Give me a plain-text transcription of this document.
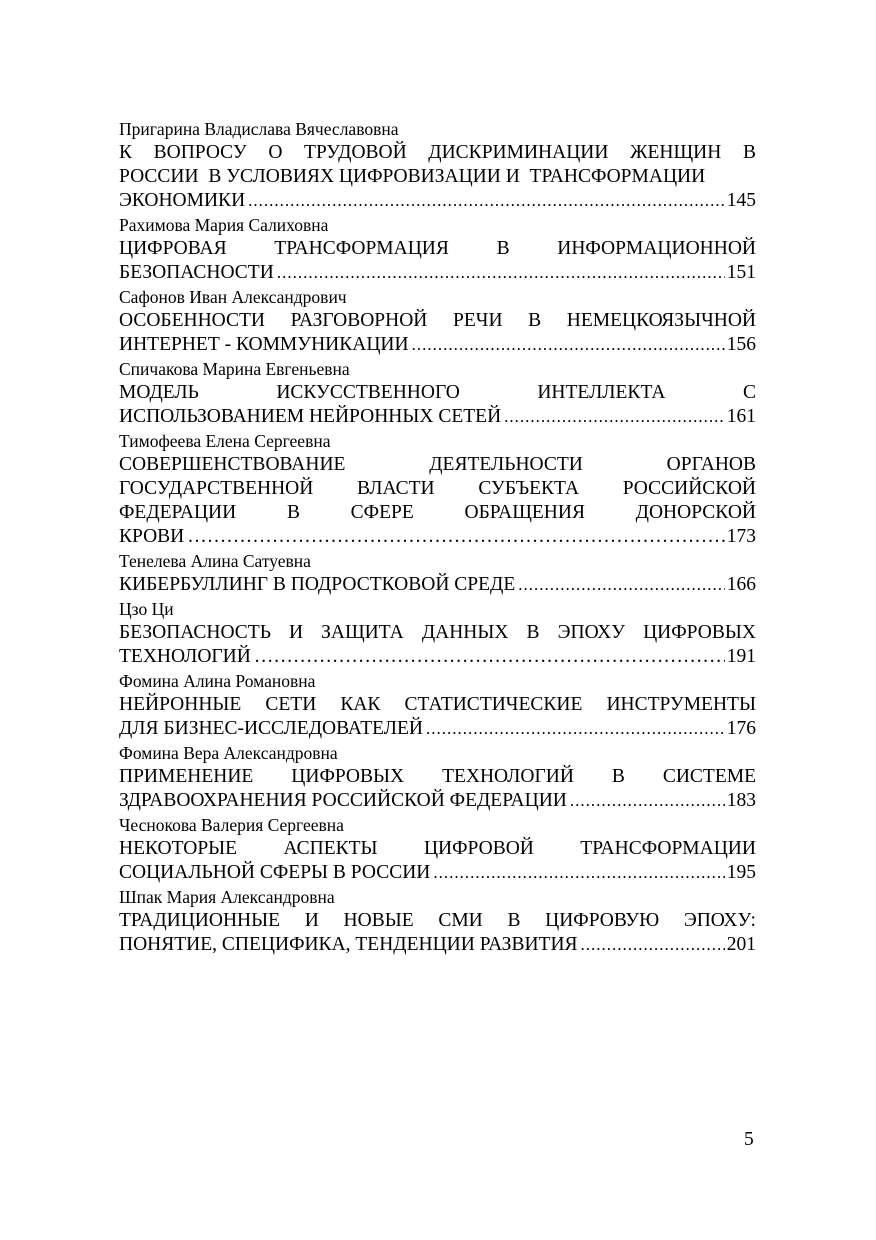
Пригарина Владислава Вячеславовна
К ВОПРОСУ О ТРУДОВОЙ ДИСКРИМИНАЦИИ ЖЕНЩИН В
РОССИИ  В УСЛОВИЯХ ЦИФРОВИЗАЦИИ И  ТРАНСФОРМАЦИИ
ЭКОНОМИКИ .....	145
Рахимова Мария Салиховна
ЦИФРОВАЯ ТРАНСФОРМАЦИЯ В ИНФОРМАЦИОННОЙ
БЕЗОПАСНОСТИ .....	151
Сафонов Иван Александрович
ОСОБЕННОСТИ РАЗГОВОРНОЙ РЕЧИ В НЕМЕЦКОЯЗЫЧНОЙ
ИНТЕРНЕТ - КОММУНИКАЦИИ .....	156
Спичакова Марина Евгеньевна
МОДЕЛЬ	ИСКУССТВЕННОГО	ИНТЕЛЛЕКТА	С
ИСПОЛЬЗОВАНИЕМ НЕЙРОННЫХ СЕТЕЙ .....	161
Тимофеева Елена Сергеевна
СОВЕРШЕНСТВОВАНИЕ	ДЕЯТЕЛЬНОСТИ	ОРГАНОВ
ГОСУДАРСТВЕННОЙ ВЛАСТИ СУБЪЕКТА РОССИЙСКОЙ
ФЕДЕРАЦИИ	В	СФЕРЕ	ОБРАЩЕНИЯ	ДОНОРСКОЙ
КРОВИ …………………………………………………………………………………………………………………………………………………………	173
Тенелева Алина Сатуевна
КИБЕРБУЛЛИНГ В ПОДРОСТКОВОЙ СРЕДЕ .....	166
Цзо Ци
БЕЗОПАСНОСТЬ И ЗАЩИТА ДАННЫХ В ЭПОХУ ЦИФРОВЫХ
ТЕХНОЛОГИЙ …………………………………………………………………………………………………………………………………………………………	191
Фомина Алина Романовна
НЕЙРОННЫЕ СЕТИ КАК СТАТИСТИЧЕСКИЕ ИНСТРУМЕНТЫ
ДЛЯ БИЗНЕС-ИССЛЕДОВАТЕЛЕЙ .....	176
Фомина Вера Александровна
ПРИМЕНЕНИЕ ЦИФРОВЫХ ТЕХНОЛОГИЙ В СИСТЕМЕ
ЗДРАВООХРАНЕНИЯ РОССИЙСКОЙ ФЕДЕРАЦИИ .....	183
Чеснокова Валерия Сергеевна
НЕКОТОРЫЕ АСПЕКТЫ ЦИФРОВОЙ ТРАНСФОРМАЦИИ
СОЦИАЛЬНОЙ СФЕРЫ В РОССИИ .....	195
Шпак Мария Александровна
ТРАДИЦИОННЫЕ И НОВЫЕ СМИ В ЦИФРОВУЮ ЭПОХУ:
ПОНЯТИЕ, СПЕЦИФИКА, ТЕНДЕНЦИИ РАЗВИТИЯ .....	201
5
